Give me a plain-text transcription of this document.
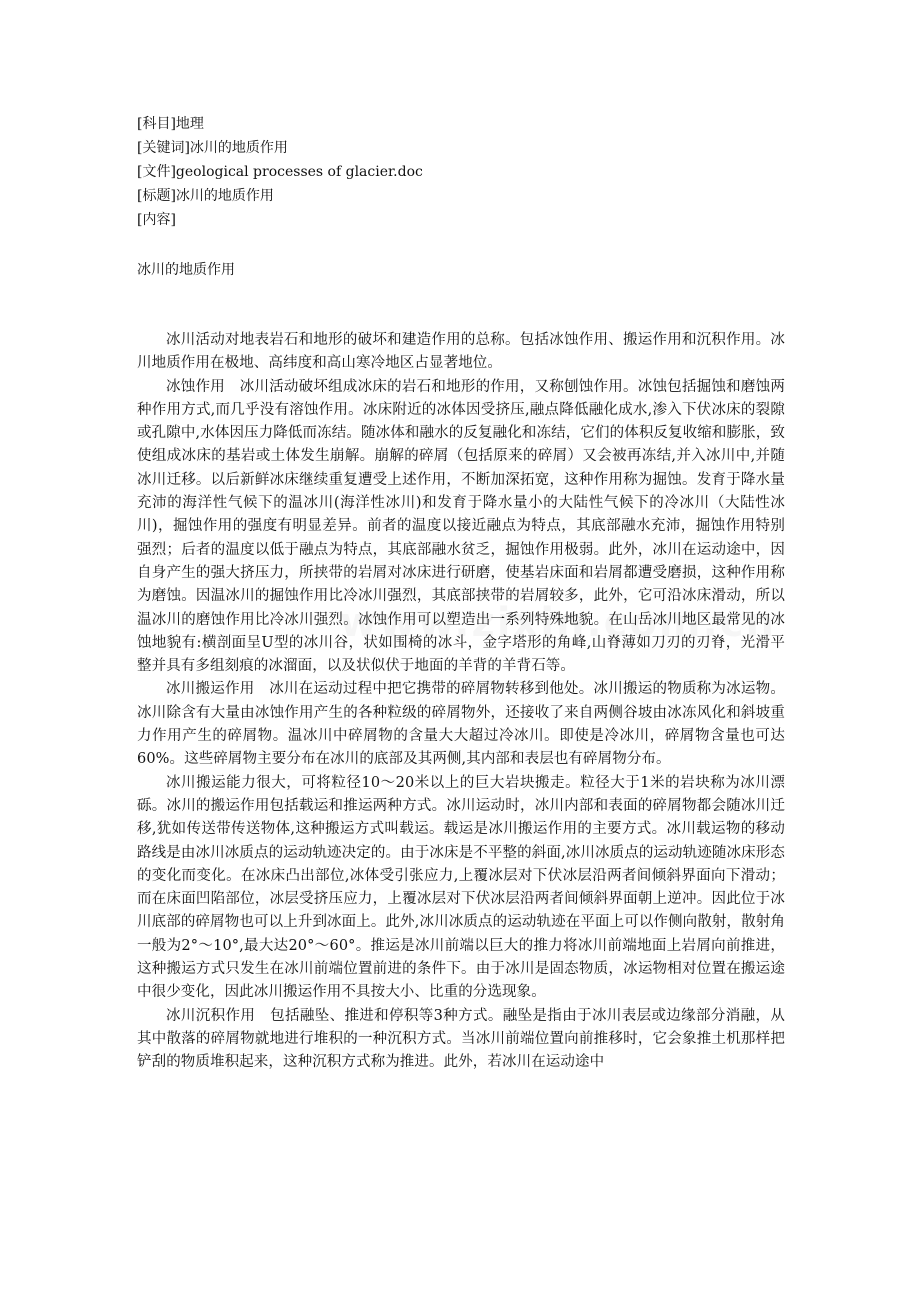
[科目]地理
[关键词]冰川的地质作用
[文件]geological processes of glacier.doc
[标题]冰川的地质作用
[内容]
冰川的地质作用

冰川活动对地表岩石和地形的破坏和建造作用的总称。包括冰蚀作用、搬运作用和沉积作用。冰川地质作用在极地、高纬度和高山寒冷地区占显著地位。

冰蚀作用　冰川活动破坏组成冰床的岩石和地形的作用，又称刨蚀作用。冰蚀包括掘蚀和磨蚀两种作用方式,而几乎没有溶蚀作用。冰床附近的冰体因受挤压,融点降低融化成水,渗入下伏冰床的裂隙或孔隙中,水体因压力降低而冻结。随冰体和融水的反复融化和冻结，它们的体积反复收缩和膨胀，致使组成冰床的基岩或土体发生崩解。崩解的碎屑（包括原来的碎屑）又会被再冻结,并入冰川中,并随冰川迁移。以后新鲜冰床继续重复遭受上述作用，不断加深拓宽，这种作用称为掘蚀。发育于降水量充沛的海洋性气候下的温冰川(海洋性冰川)和发育于降水量小的大陆性气候下的冷冰川（大陆性冰川)，掘蚀作用的强度有明显差异。前者的温度以接近融点为特点，其底部融水充沛，掘蚀作用特别强烈；后者的温度以低于融点为特点，其底部融水贫乏，掘蚀作用极弱。此外，冰川在运动途中，因自身产生的强大挤压力，所挟带的岩屑对冰床进行研磨，使基岩床面和岩屑都遭受磨损，这种作用称为磨蚀。因温冰川的掘蚀作用比冷冰川强烈，其底部挟带的岩屑较多，此外，它可沿冰床滑动，所以温冰川的磨蚀作用比冷冰川强烈。冰蚀作用可以塑造出一系列特殊地貌。在山岳冰川地区最常见的冰蚀地貌有:横剖面呈U型的冰川谷，状如围椅的冰斗，金字塔形的角峰,山脊薄如刀刃的刃脊，光滑平整并具有多组刻痕的冰溜面，以及状似伏于地面的羊背的羊背石等。

冰川搬运作用　冰川在运动过程中把它携带的碎屑物转移到他处。冰川搬运的物质称为冰运物。冰川除含有大量由冰蚀作用产生的各种粒级的碎屑物外，还接收了来自两侧谷坡由冰冻风化和斜坡重力作用产生的碎屑物。温冰川中碎屑物的含量大大超过冷冰川。即使是冷冰川，碎屑物含量也可达60%。这些碎屑物主要分布在冰川的底部及其两侧,其内部和表层也有碎屑物分布。

冰川搬运能力很大，可将粒径10～20米以上的巨大岩块搬走。粒径大于1米的岩块称为冰川漂砾。冰川的搬运作用包括载运和推运两种方式。冰川运动时，冰川内部和表面的碎屑物都会随冰川迁移,犹如传送带传送物体,这种搬运方式叫载运。载运是冰川搬运作用的主要方式。冰川载运物的移动路线是由冰川冰质点的运动轨迹决定的。由于冰床是不平整的斜面,冰川冰质点的运动轨迹随冰床形态的变化而变化。在冰床凸出部位,冰体受引张应力,上覆冰层对下伏冰层沿两者间倾斜界面向下滑动；而在床面凹陷部位，冰层受挤压应力，上覆冰层对下伏冰层沿两者间倾斜界面朝上逆冲。因此位于冰川底部的碎屑物也可以上升到冰面上。此外,冰川冰质点的运动轨迹在平面上可以作侧向散射，散射角一般为2°～10°,最大达20°～60°。推运是冰川前端以巨大的推力将冰川前端地面上岩屑向前推进，这种搬运方式只发生在冰川前端位置前进的条件下。由于冰川是固态物质，冰运物相对位置在搬运途中很少变化，因此冰川搬运作用不具按大小、比重的分选现象。

冰川沉积作用　包括融坠、推进和停积等3种方式。融坠是指由于冰川表层或边缘部分消融，从其中散落的碎屑物就地进行堆积的一种沉积方式。当冰川前端位置向前推移时，它会象推土机那样把铲刮的物质堆积起来，这种沉积方式称为推进。此外，若冰川在运动途中
